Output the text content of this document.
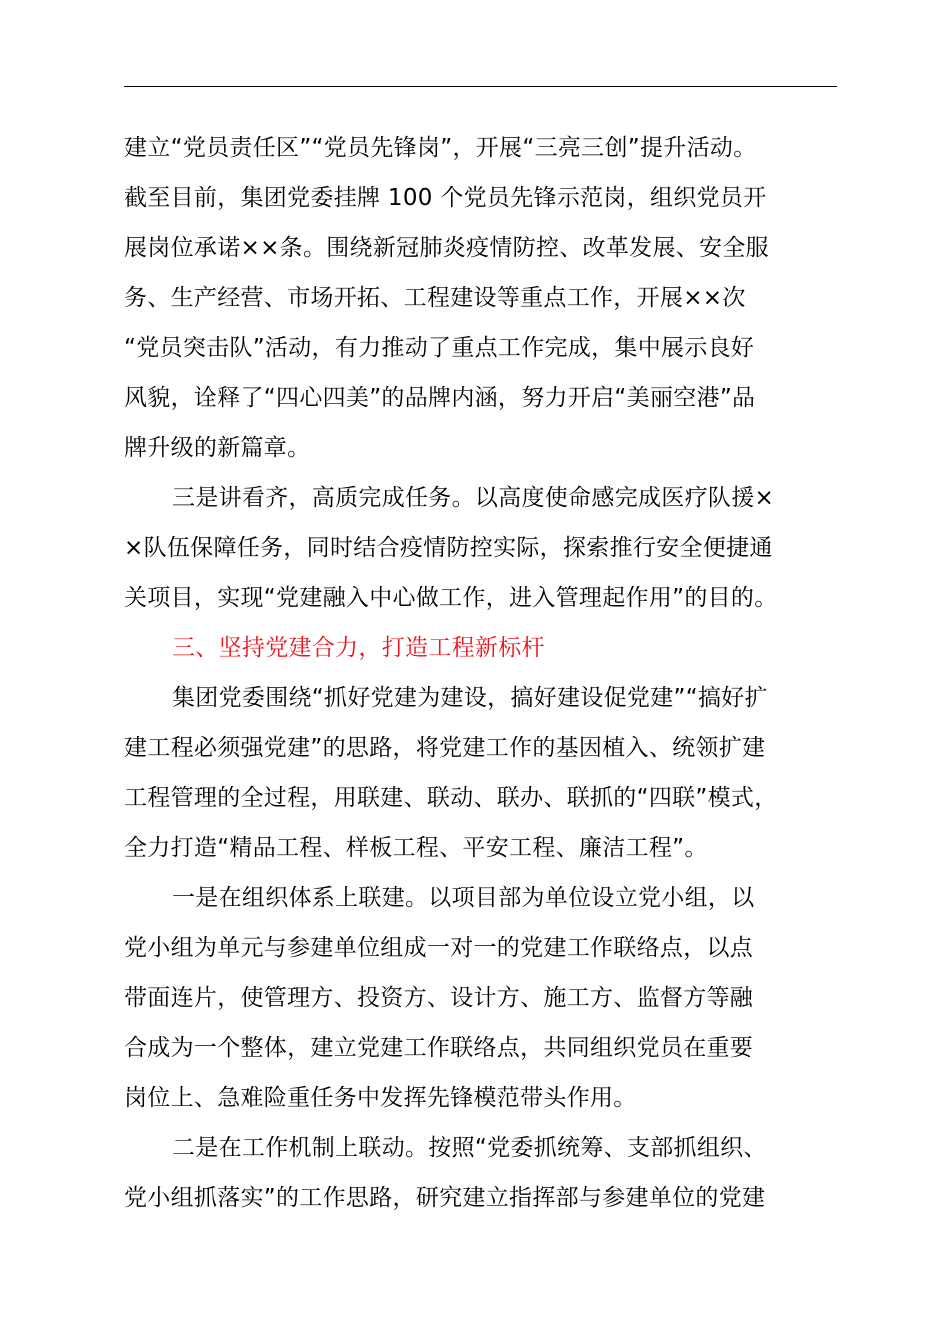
建立“党员责任区”“党员先锋岗”，开展“三亮三创”提升活动。
截至目前，集团党委挂牌 100 个党员先锋示范岗，组织党员开
展岗位承诺××条。围绕新冠肺炎疫情防控、改革发展、安全服
务、生产经营、市场开拓、工程建设等重点工作，开展××次
“党员突击队”活动，有力推动了重点工作完成，集中展示良好
风貌，诠释了“四心四美”的品牌内涵，努力开启“美丽空港”品
牌升级的新篇章。
三是讲看齐，高质完成任务。以高度使命感完成医疗队援×
×队伍保障任务，同时结合疫情防控实际，探索推行安全便捷通
关项目，实现“党建融入中心做工作，进入管理起作用”的目的。
三、坚持党建合力，打造工程新标杆
集团党委围绕“抓好党建为建设，搞好建设促党建”“搞好扩
建工程必须强党建”的思路，将党建工作的基因植入、统领扩建
工程管理的全过程，用联建、联动、联办、联抓的“四联”模式，
全力打造“精品工程、样板工程、平安工程、廉洁工程”。
一是在组织体系上联建。以项目部为单位设立党小组，以
党小组为单元与参建单位组成一对一的党建工作联络点，以点
带面连片，使管理方、投资方、设计方、施工方、监督方等融
合成为一个整体，建立党建工作联络点，共同组织党员在重要
岗位上、急难险重任务中发挥先锋模范带头作用。
二是在工作机制上联动。按照“党委抓统筹、支部抓组织、
党小组抓落实”的工作思路，研究建立指挥部与参建单位的党建
